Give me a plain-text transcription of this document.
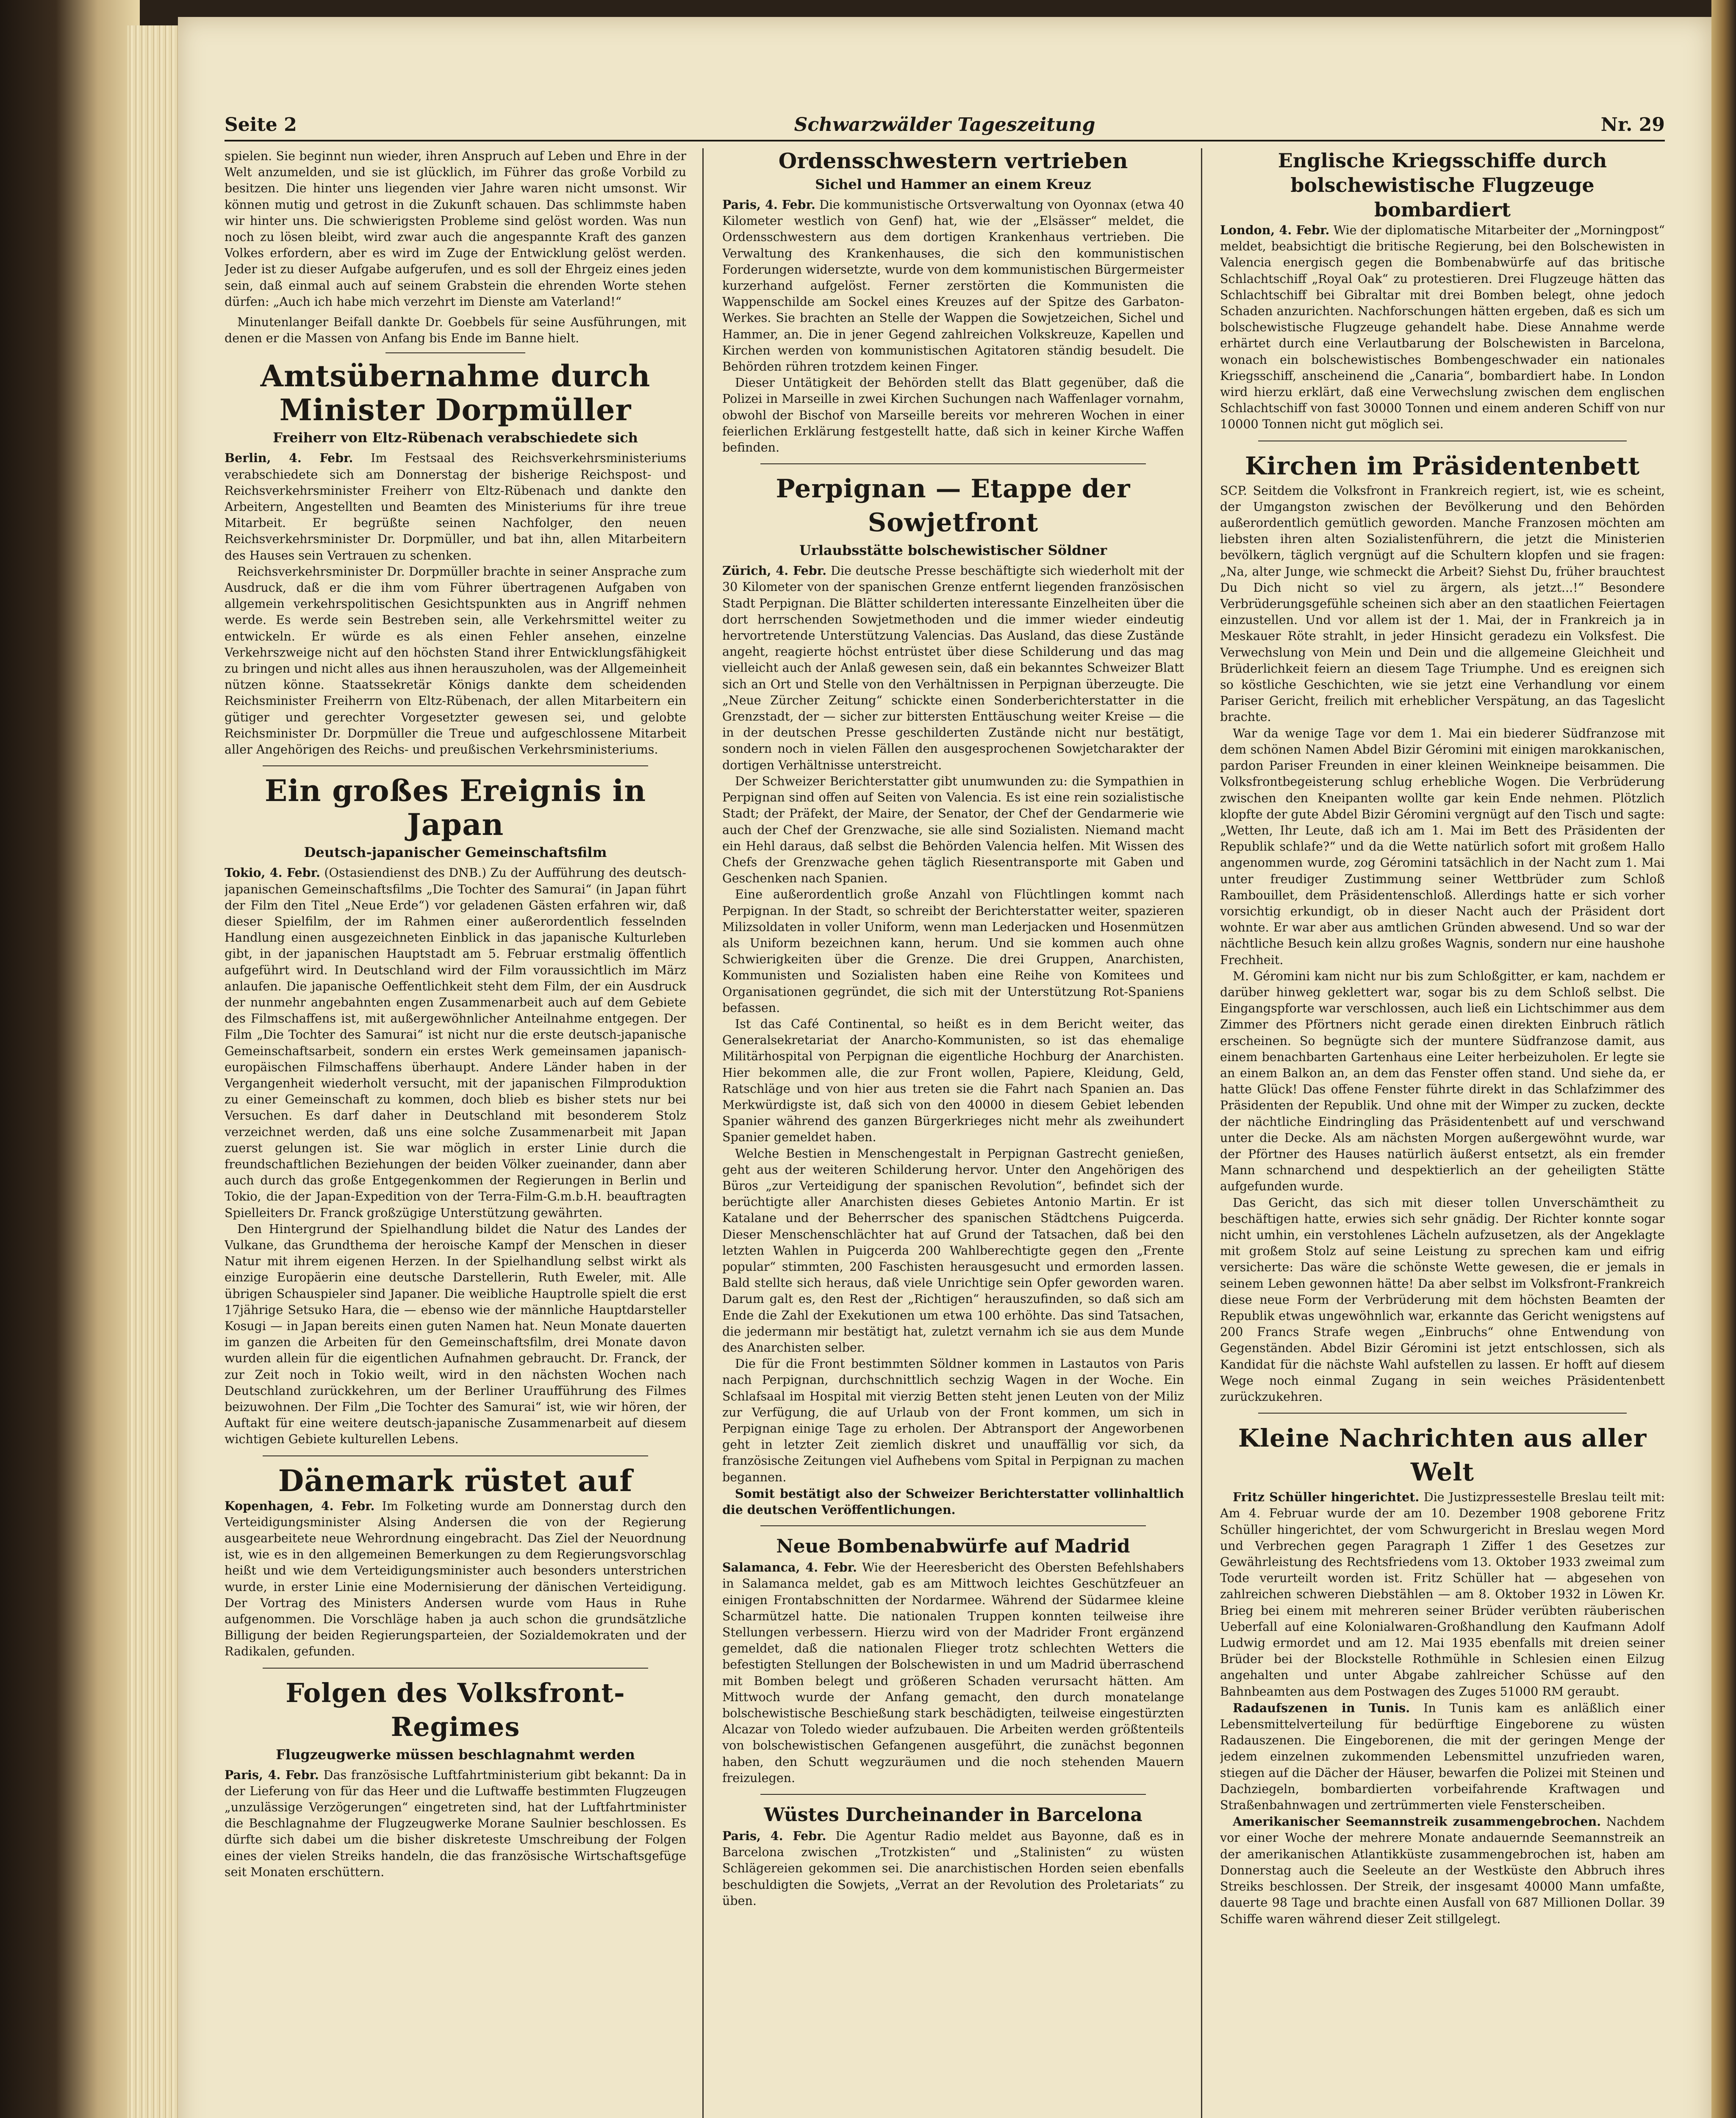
Seite 2	Schwarzwälder Tageszeitung	Nr. 29

spielen. Sie beginnt nun wieder, ihren Anspruch auf Leben und Ehre in der Welt anzumelden, und sie ist glücklich, im Führer das große Vorbild zu besitzen. Die hinter uns liegenden vier Jahre waren nicht umsonst. Wir können mutig und getrost in die Zukunft schauen. Das schlimmste haben wir hinter uns. Die schwierigsten Probleme sind gelöst worden. Was nun noch zu lösen bleibt, wird zwar auch die angespannte Kraft des ganzen Volkes erfordern, aber es wird im Zuge der Entwicklung gelöst werden. Jeder ist zu dieser Aufgabe aufgerufen, und es soll der Ehrgeiz eines jeden sein, daß einmal auch auf seinem Grabstein die ehrenden Worte stehen dürfen: „Auch ich habe mich verzehrt im Dienste am Vaterland!“

Minutenlanger Beifall dankte Dr. Goebbels für seine Ausführungen, mit denen er die Massen von Anfang bis Ende im Banne hielt.

Amtsübernahme durch Minister Dorpmüller
Freiherr von Eltz-Rübenach verabschiedete sich

Berlin, 4. Febr. Im Festsaal des Reichsverkehrsministeriums verabschiedete sich am Donnerstag der bisherige Reichspost- und Reichsverkehrsminister Freiherr von Eltz-Rübenach und dankte den Arbeitern, Angestellten und Beamten des Ministeriums für ihre treue Mitarbeit. Er begrüßte seinen Nachfolger, den neuen Reichsverkehrsminister Dr. Dorpmüller, und bat ihn, allen Mitarbeitern des Hauses sein Vertrauen zu schenken.

Reichsverkehrsminister Dr. Dorpmüller brachte in seiner Ansprache zum Ausdruck, daß er die ihm vom Führer übertragenen Aufgaben von allgemein verkehrspolitischen Gesichtspunkten aus in Angriff nehmen werde. Es werde sein Bestreben sein, alle Verkehrsmittel weiter zu entwickeln. Er würde es als einen Fehler ansehen, einzelne Verkehrszweige nicht auf den höchsten Stand ihrer Entwicklungsfähigkeit zu bringen und nicht alles aus ihnen herauszuholen, was der Allgemeinheit nützen könne. Staatssekretär Königs dankte dem scheidenden Reichsminister Freiherrn von Eltz-Rübenach, der allen Mitarbeitern ein gütiger und gerechter Vorgesetzter gewesen sei, und gelobte Reichsminister Dr. Dorpmüller die Treue und aufgeschlossene Mitarbeit aller Angehörigen des Reichs- und preußischen Verkehrsministeriums.

Ein großes Ereignis in Japan
Deutsch-japanischer Gemeinschaftsfilm

Tokio, 4. Febr. (Ostasiendienst des DNB.) Zu der Aufführung des deutsch-japanischen Gemeinschaftsfilms „Die Tochter des Samurai“ (in Japan führt der Film den Titel „Neue Erde“) vor geladenen Gästen erfahren wir, daß dieser Spielfilm, der im Rahmen einer außerordentlich fesselnden Handlung einen ausgezeichneten Einblick in das japanische Kulturleben gibt, in der japanischen Hauptstadt am 5. Februar erstmalig öffentlich aufgeführt wird. In Deutschland wird der Film voraussichtlich im März anlaufen. Die japanische Oeffentlichkeit steht dem Film, der ein Ausdruck der nunmehr angebahnten engen Zusammenarbeit auch auf dem Gebiete des Filmschaffens ist, mit außergewöhnlicher Anteilnahme entgegen. Der Film „Die Tochter des Samurai“ ist nicht nur die erste deutsch-japanische Gemeinschaftsarbeit, sondern ein erstes Werk gemeinsamen japanisch-europäischen Filmschaffens überhaupt. Andere Länder haben in der Vergangenheit wiederholt versucht, mit der japanischen Filmproduktion zu einer Gemeinschaft zu kommen, doch blieb es bisher stets nur bei Versuchen. Es darf daher in Deutschland mit besonderem Stolz verzeichnet werden, daß uns eine solche Zusammenarbeit mit Japan zuerst gelungen ist. Sie war möglich in erster Linie durch die freundschaftlichen Beziehungen der beiden Völker zueinander, dann aber auch durch das große Entgegenkommen der Regierungen in Berlin und Tokio, die der Japan-Expedition von der Terra-Film-G.m.b.H. beauftragten Spielleiters Dr. Franck großzügige Unterstützung gewährten.

Den Hintergrund der Spielhandlung bildet die Natur des Landes der Vulkane, das Grundthema der heroische Kampf der Menschen in dieser Natur mit ihrem eigenen Herzen. In der Spielhandlung selbst wirkt als einzige Europäerin eine deutsche Darstellerin, Ruth Eweler, mit. Alle übrigen Schauspieler sind Japaner. Die weibliche Hauptrolle spielt die erst 17jährige Setsuko Hara, die — ebenso wie der männliche Hauptdarsteller Kosugi — in Japan bereits einen guten Namen hat. Neun Monate dauerten im ganzen die Arbeiten für den Gemeinschaftsfilm, drei Monate davon wurden allein für die eigentlichen Aufnahmen gebraucht. Dr. Franck, der zur Zeit noch in Tokio weilt, wird in den nächsten Wochen nach Deutschland zurückkehren, um der Berliner Uraufführung des Filmes beizuwohnen. Der Film „Die Tochter des Samurai“ ist, wie wir hören, der Auftakt für eine weitere deutsch-japanische Zusammenarbeit auf diesem wichtigen Gebiete kulturellen Lebens.

Dänemark rüstet auf

Kopenhagen, 4. Febr. Im Folketing wurde am Donnerstag durch den Verteidigungsminister Alsing Andersen die von der Regierung ausgearbeitete neue Wehrordnung eingebracht. Das Ziel der Neuordnung ist, wie es in den allgemeinen Bemerkungen zu dem Regierungsvorschlag heißt und wie dem Verteidigungsminister auch besonders unterstrichen wurde, in erster Linie eine Modernisierung der dänischen Verteidigung. Der Vortrag des Ministers Andersen wurde vom Haus in Ruhe aufgenommen. Die Vorschläge haben ja auch schon die grundsätzliche Billigung der beiden Regierungsparteien, der Sozialdemokraten und der Radikalen, gefunden.

Folgen des Volksfront-Regimes
Flugzeugwerke müssen beschlagnahmt werden

Paris, 4. Febr. Das französische Luftfahrtministerium gibt bekannt: Da in der Lieferung von für das Heer und die Luftwaffe bestimmten Flugzeugen „unzulässige Verzögerungen“ eingetreten sind, hat der Luftfahrtminister die Beschlagnahme der Flugzeugwerke Morane Saulnier beschlossen. Es dürfte sich dabei um die bisher diskreteste Umschreibung der Folgen eines der vielen Streiks handeln, die das französische Wirtschaftsgefüge seit Monaten erschüttern.

Ordensschwestern vertrieben
Sichel und Hammer an einem Kreuz

Paris, 4. Febr. Die kommunistische Ortsverwaltung von Oyonnax (etwa 40 Kilometer westlich von Genf) hat, wie der „Elsässer“ meldet, die Ordensschwestern aus dem dortigen Krankenhaus vertrieben. Die Verwaltung des Krankenhauses, die sich den kommunistischen Forderungen widersetzte, wurde von dem kommunistischen Bürgermeister kurzerhand aufgelöst. Ferner zerstörten die Kommunisten die Wappenschilde am Sockel eines Kreuzes auf der Spitze des Garbaton-Werkes. Sie brachten an Stelle der Wappen die Sowjetzeichen, Sichel und Hammer, an. Die in jener Gegend zahlreichen Volkskreuze, Kapellen und Kirchen werden von kommunistischen Agitatoren ständig besudelt. Die Behörden rühren trotzdem keinen Finger.

Dieser Untätigkeit der Behörden stellt das Blatt gegenüber, daß die Polizei in Marseille in zwei Kirchen Suchungen nach Waffenlager vornahm, obwohl der Bischof von Marseille bereits vor mehreren Wochen in einer feierlichen Erklärung festgestellt hatte, daß sich in keiner Kirche Waffen befinden.

Perpignan — Etappe der Sowjetfront
Urlaubsstätte bolschewistischer Söldner

Zürich, 4. Febr. Die deutsche Presse beschäftigte sich wiederholt mit der 30 Kilometer von der spanischen Grenze entfernt liegenden französischen Stadt Perpignan. Die Blätter schilderten interessante Einzelheiten über die dort herrschenden Sowjetmethoden und die immer wieder eindeutig hervortretende Unterstützung Valencias. Das Ausland, das diese Zustände angeht, reagierte höchst entrüstet über diese Schilderung und das mag vielleicht auch der Anlaß gewesen sein, daß ein bekanntes Schweizer Blatt sich an Ort und Stelle von den Verhältnissen in Perpignan überzeugte. Die „Neue Zürcher Zeitung“ schickte einen Sonderberichterstatter in die Grenzstadt, der — sicher zur bittersten Enttäuschung weiter Kreise — die in der deutschen Presse geschilderten Zustände nicht nur bestätigt, sondern noch in vielen Fällen den ausgesprochenen Sowjetcharakter der dortigen Verhältnisse unterstreicht.

Der Schweizer Berichterstatter gibt unumwunden zu: die Sympathien in Perpignan sind offen auf Seiten von Valencia. Es ist eine rein sozialistische Stadt; der Präfekt, der Maire, der Senator, der Chef der Gendarmerie wie auch der Chef der Grenzwache, sie alle sind Sozialisten. Niemand macht ein Hehl daraus, daß selbst die Behörden Valencia helfen. Mit Wissen des Chefs der Grenzwache gehen täglich Riesentransporte mit Gaben und Geschenken nach Spanien.

Eine außerordentlich große Anzahl von Flüchtlingen kommt nach Perpignan. In der Stadt, so schreibt der Berichterstatter weiter, spazieren Milizsoldaten in voller Uniform, wenn man Lederjacken und Hosenmützen als Uniform bezeichnen kann, herum. Und sie kommen auch ohne Schwierigkeiten über die Grenze. Die drei Gruppen, Anarchisten, Kommunisten und Sozialisten haben eine Reihe von Komitees und Organisationen gegründet, die sich mit der Unterstützung Rot-Spaniens befassen.

Ist das Café Continental, so heißt es in dem Bericht weiter, das Generalsekretariat der Anarcho-Kommunisten, so ist das ehemalige Militärhospital von Perpignan die eigentliche Hochburg der Anarchisten. Hier bekommen alle, die zur Front wollen, Papiere, Kleidung, Geld, Ratschläge und von hier aus treten sie die Fahrt nach Spanien an. Das Merkwürdigste ist, daß sich von den 40000 in diesem Gebiet lebenden Spanier während des ganzen Bürgerkrieges nicht mehr als zweihundert Spanier gemeldet haben.

Welche Bestien in Menschengestalt in Perpignan Gastrecht genießen, geht aus der weiteren Schilderung hervor. Unter den Angehörigen des Büros „zur Verteidigung der spanischen Revolution“, befindet sich der berüchtigte aller Anarchisten dieses Gebietes Antonio Martin. Er ist Katalane und der Beherrscher des spanischen Städtchens Puigcerda. Dieser Menschenschlächter hat auf Grund der Tatsachen, daß bei den letzten Wahlen in Puigcerda 200 Wahlberechtigte gegen den „Frente popular“ stimmten, 200 Faschisten herausgesucht und ermorden lassen. Bald stellte sich heraus, daß viele Unrichtige sein Opfer geworden waren. Darum galt es, den Rest der „Richtigen“ herauszufinden, so daß sich am Ende die Zahl der Exekutionen um etwa 100 erhöhte. Das sind Tatsachen, die jedermann mir bestätigt hat, zuletzt vernahm ich sie aus dem Munde des Anarchisten selber.

Die für die Front bestimmten Söldner kommen in Lastautos von Paris nach Perpignan, durchschnittlich sechzig Wagen in der Woche. Ein Schlafsaal im Hospital mit vierzig Betten steht jenen Leuten von der Miliz zur Verfügung, die auf Urlaub von der Front kommen, um sich in Perpignan einige Tage zu erholen. Der Abtransport der Angeworbenen geht in letzter Zeit ziemlich diskret und unauffällig vor sich, da französische Zeitungen viel Aufhebens vom Spital in Perpignan zu machen begannen.

Somit bestätigt also der Schweizer Berichterstatter vollinhaltlich die deutschen Veröffentlichungen.

Neue Bombenabwürfe auf Madrid

Salamanca, 4. Febr. Wie der Heeresbericht des Obersten Befehlshabers in Salamanca meldet, gab es am Mittwoch leichtes Geschützfeuer an einigen Frontabschnitten der Nordarmee. Während der Südarmee kleine Scharmützel hatte. Die nationalen Truppen konnten teilweise ihre Stellungen verbessern. Hierzu wird von der Madrider Front ergänzend gemeldet, daß die nationalen Flieger trotz schlechten Wetters die befestigten Stellungen der Bolschewisten in und um Madrid überraschend mit Bomben belegt und größeren Schaden verursacht hätten. Am Mittwoch wurde der Anfang gemacht, den durch monatelange bolschewistische Beschießung stark beschädigten, teilweise eingestürzten Alcazar von Toledo wieder aufzubauen. Die Arbeiten werden größtenteils von bolschewistischen Gefangenen ausgeführt, die zunächst begonnen haben, den Schutt wegzuräumen und die noch stehenden Mauern freizulegen.

Wüstes Durcheinander in Barcelona

Paris, 4. Febr. Die Agentur Radio meldet aus Bayonne, daß es in Barcelona zwischen „Trotzkisten“ und „Stalinisten“ zu wüsten Schlägereien gekommen sei. Die anarchistischen Horden seien ebenfalls beschuldigten die Sowjets, „Verrat an der Revolution des Proletariats“ zu üben.

Englische Kriegsschiffe durch bolschewistische Flugzeuge bombardiert

London, 4. Febr. Wie der diplomatische Mitarbeiter der „Morningpost“ meldet, beabsichtigt die britische Regierung, bei den Bolschewisten in Valencia energisch gegen die Bombenabwürfe auf das britische Schlachtschiff „Royal Oak“ zu protestieren. Drei Flugzeuge hätten das Schlachtschiff bei Gibraltar mit drei Bomben belegt, ohne jedoch Schaden anzurichten. Nachforschungen hätten ergeben, daß es sich um bolschewistische Flugzeuge gehandelt habe. Diese Annahme werde erhärtet durch eine Verlautbarung der Bolschewisten in Barcelona, wonach ein bolschewistisches Bombengeschwader ein nationales Kriegsschiff, anscheinend die „Canaria“, bombardiert habe. In London wird hierzu erklärt, daß eine Verwechslung zwischen dem englischen Schlachtschiff von fast 30000 Tonnen und einem anderen Schiff von nur 10000 Tonnen nicht gut möglich sei.

Kirchen im Präsidentenbett

SCP. Seitdem die Volksfront in Frankreich regiert, ist, wie es scheint, der Umgangston zwischen der Bevölkerung und den Behörden außerordentlich gemütlich geworden. Manche Franzosen möchten am liebsten ihren alten Sozialistenführern, die jetzt die Ministerien bevölkern, täglich vergnügt auf die Schultern klopfen und sie fragen: „Na, alter Junge, wie schmeckt die Arbeit? Siehst Du, früher brauchtest Du Dich nicht so viel zu ärgern, als jetzt...!“ Besondere Verbrüderungsgefühle scheinen sich aber an den staatlichen Feiertagen einzustellen. Und vor allem ist der 1. Mai, der in Frankreich ja in Meskauer Röte strahlt, in jeder Hinsicht geradezu ein Volksfest. Die Verwechslung von Mein und Dein und die allgemeine Gleichheit und Brüderlichkeit feiern an diesem Tage Triumphe. Und es ereignen sich so köstliche Geschichten, wie sie jetzt eine Verhandlung vor einem Pariser Gericht, freilich mit erheblicher Verspätung, an das Tageslicht brachte.

War da wenige Tage vor dem 1. Mai ein biederer Südfranzose mit dem schönen Namen Abdel Bizir Géromini mit einigen marokkanischen, pardon Pariser Freunden in einer kleinen Weinkneipe beisammen. Die Volksfrontbegeisterung schlug erhebliche Wogen. Die Verbrüderung zwischen den Kneipanten wollte gar kein Ende nehmen. Plötzlich klopfte der gute Abdel Bizir Géromini vergnügt auf den Tisch und sagte: „Wetten, Ihr Leute, daß ich am 1. Mai im Bett des Präsidenten der Republik schlafe?“ und da die Wette natürlich sofort mit großem Hallo angenommen wurde, zog Géromini tatsächlich in der Nacht zum 1. Mai unter freudiger Zustimmung seiner Wettbrüder zum Schloß Rambouillet, dem Präsidentenschloß. Allerdings hatte er sich vorher vorsichtig erkundigt, ob in dieser Nacht auch der Präsident dort wohnte. Er war aber aus amtlichen Gründen abwesend. Und so war der nächtliche Besuch kein allzu großes Wagnis, sondern nur eine haushohe Frechheit.

M. Géromini kam nicht nur bis zum Schloßgitter, er kam, nachdem er darüber hinweg geklettert war, sogar bis zu dem Schloß selbst. Die Eingangspforte war verschlossen, auch ließ ein Lichtschimmer aus dem Zimmer des Pförtners nicht gerade einen direkten Einbruch rätlich erscheinen. So begnügte sich der muntere Südfranzose damit, aus einem benachbarten Gartenhaus eine Leiter herbeizuholen. Er legte sie an einem Balkon an, an dem das Fenster offen stand. Und siehe da, er hatte Glück! Das offene Fenster führte direkt in das Schlafzimmer des Präsidenten der Republik. Und ohne mit der Wimper zu zucken, deckte der nächtliche Eindringling das Präsidentenbett auf und verschwand unter die Decke. Als am nächsten Morgen außergewöhnt wurde, war der Pförtner des Hauses natürlich äußerst entsetzt, als ein fremder Mann schnarchend und despektierlich an der geheiligten Stätte aufgefunden wurde.

Das Gericht, das sich mit dieser tollen Unverschämtheit zu beschäftigen hatte, erwies sich sehr gnädig. Der Richter konnte sogar nicht umhin, ein verstohlenes Lächeln aufzusetzen, als der Angeklagte mit großem Stolz auf seine Leistung zu sprechen kam und eifrig versicherte: Das wäre die schönste Wette gewesen, die er jemals in seinem Leben gewonnen hätte! Da aber selbst im Volksfront-Frankreich diese neue Form der Verbrüderung mit dem höchsten Beamten der Republik etwas ungewöhnlich war, erkannte das Gericht wenigstens auf 200 Francs Strafe wegen „Einbruchs“ ohne Entwendung von Gegenständen. Abdel Bizir Géromini ist jetzt entschlossen, sich als Kandidat für die nächste Wahl aufstellen zu lassen. Er hofft auf diesem Wege noch einmal Zugang in sein weiches Präsidentenbett zurückzukehren.

Kleine Nachrichten aus aller Welt

Fritz Schüller hingerichtet. Die Justizpressestelle Breslau teilt mit: Am 4. Februar wurde der am 10. Dezember 1908 geborene Fritz Schüller hingerichtet, der vom Schwurgericht in Breslau wegen Mord und Verbrechen gegen Paragraph 1 Ziffer 1 des Gesetzes zur Gewährleistung des Rechtsfriedens vom 13. Oktober 1933 zweimal zum Tode verurteilt worden ist. Fritz Schüller hat — abgesehen von zahlreichen schweren Diebstählen — am 8. Oktober 1932 in Löwen Kr. Brieg bei einem mit mehreren seiner Brüder verübten räuberischen Ueberfall auf eine Kolonialwaren-Großhandlung den Kaufmann Adolf Ludwig ermordet und am 12. Mai 1935 ebenfalls mit dreien seiner Brüder bei der Blockstelle Rothmühle in Schlesien einen Eilzug angehalten und unter Abgabe zahlreicher Schüsse auf den Bahnbeamten aus dem Postwagen des Zuges 51000 RM geraubt.

Radaufszenen in Tunis. In Tunis kam es anläßlich einer Lebensmittelverteilung für bedürftige Eingeborene zu wüsten Radauszenen. Die Eingeborenen, die mit der geringen Menge der jedem einzelnen zukommenden Lebensmittel unzufrieden waren, stiegen auf die Dächer der Häuser, bewarfen die Polizei mit Steinen und Dachziegeln, bombardierten vorbeifahrende Kraftwagen und Straßenbahnwagen und zertrümmerten viele Fensterscheiben.

Amerikanischer Seemannstreik zusammengebrochen. Nachdem vor einer Woche der mehrere Monate andauernde Seemannstreik an der amerikanischen Atlantikküste zusammengebrochen ist, haben am Donnerstag auch die Seeleute an der Westküste den Abbruch ihres Streiks beschlossen. Der Streik, der insgesamt 40000 Mann umfaßte, dauerte 98 Tage und brachte einen Ausfall von 687 Millionen Dollar. 39 Schiffe waren während dieser Zeit stillgelegt.
